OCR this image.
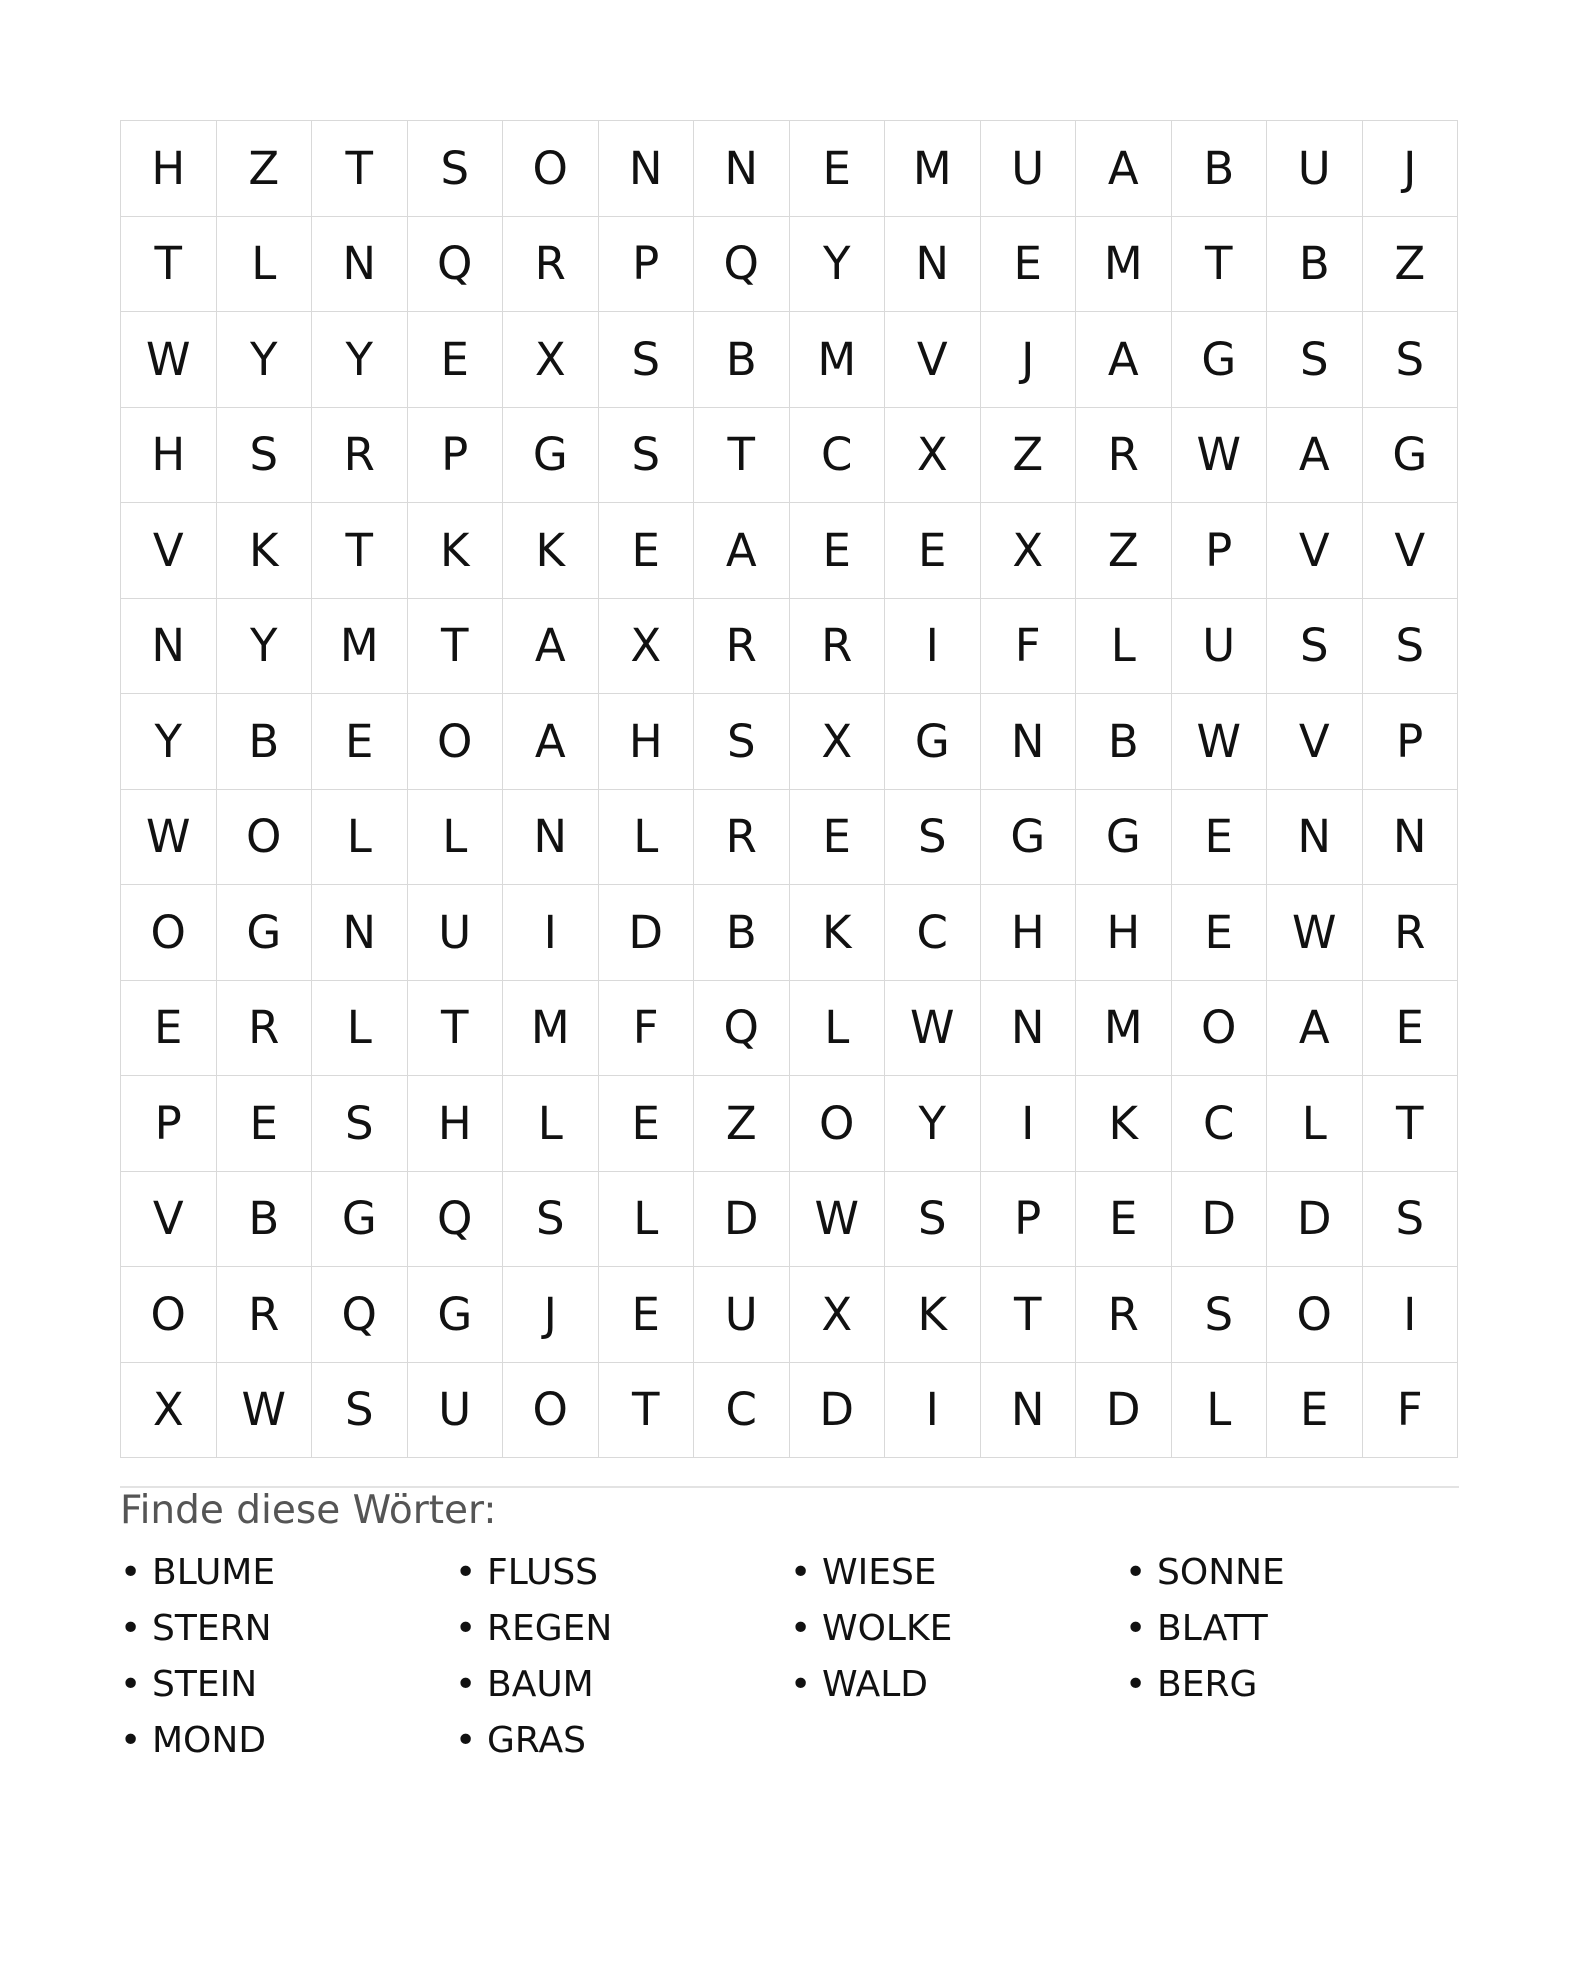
H	Z	T	S	O	N	N	E	M	U	A	B	U	J
T	L	N	Q	R	P	Q	Y	N	E	M	T	B	Z
W	Y	Y	E	X	S	B	M	V	J	A	G	S	S
H	S	R	P	G	S	T	C	X	Z	R	W	A	G
V	K	T	K	K	E	A	E	E	X	Z	P	V	V
N	Y	M	T	A	X	R	R	I	F	L	U	S	S
Y	B	E	O	A	H	S	X	G	N	B	W	V	P
W	O	L	L	N	L	R	E	S	G	G	E	N	N
O	G	N	U	I	D	B	K	C	H	H	E	W	R
E	R	L	T	M	F	Q	L	W	N	M	O	A	E
P	E	S	H	L	E	Z	O	Y	I	K	C	L	T
V	B	G	Q	S	L	D	W	S	P	E	D	D	S
O	R	Q	G	J	E	U	X	K	T	R	S	O	I
X	W	S	U	O	T	C	D	I	N	D	L	E	F
Finde diese Wörter:
• BLUME	• FLUSS	• WIESE	• SONNE
• STERN	• REGEN	• WOLKE	• BLATT
• STEIN	• BAUM	• WALD	• BERG
• MOND	• GRAS
